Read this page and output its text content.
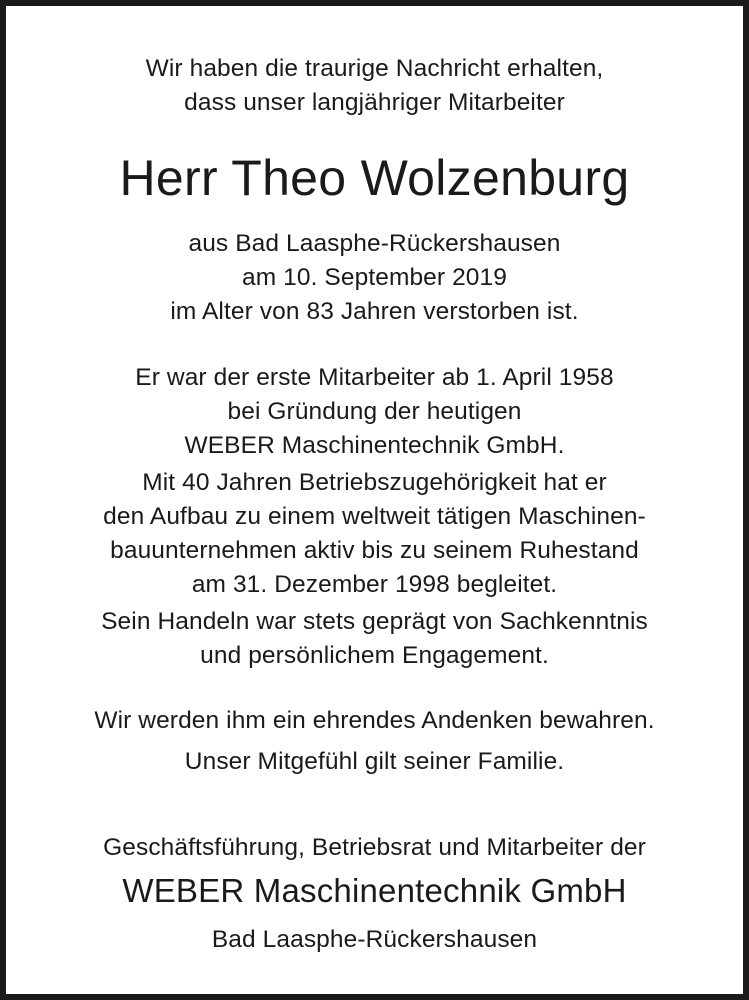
Wir haben die traurige Nachricht erhalten,
dass unser langjähriger Mitarbeiter
Herr Theo Wolzenburg
aus Bad Laasphe-Rückershausen
am 10. September 2019
im Alter von 83 Jahren verstorben ist.
Er war der erste Mitarbeiter ab 1. April 1958
bei Gründung der heutigen
WEBER Maschinentechnik GmbH.
Mit 40 Jahren Betriebszugehörigkeit hat er
den Aufbau zu einem weltweit tätigen Maschinen-
bauunternehmen aktiv bis zu seinem Ruhestand
am 31. Dezember 1998 begleitet.
Sein Handeln war stets geprägt von Sachkenntnis
und persönlichem Engagement.
Wir werden ihm ein ehrendes Andenken bewahren.
Unser Mitgefühl gilt seiner Familie.
Geschäftsführung, Betriebsrat und Mitarbeiter der
WEBER Maschinentechnik GmbH
Bad Laasphe-Rückershausen
